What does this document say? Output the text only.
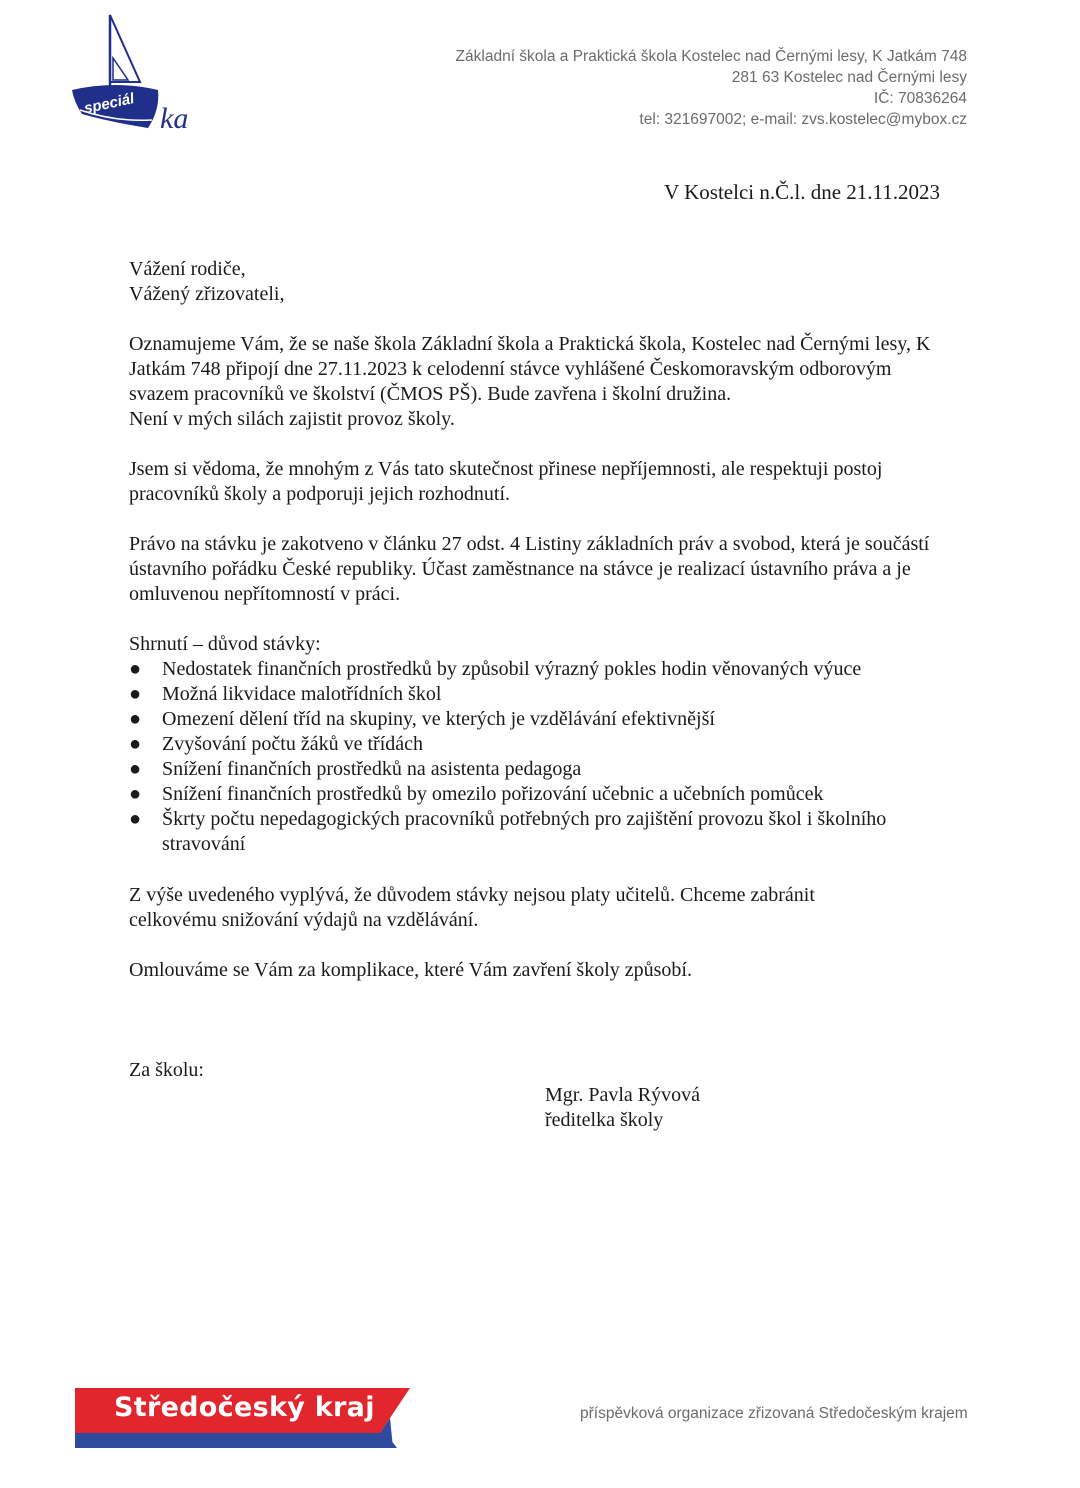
speciál ka
Základní škola a Praktická škola Kostelec nad Černými lesy, K Jatkám 748
281 63 Kostelec nad Černými lesy
IČ: 70836264
tel: 321697002; e-mail: zvs.kostelec@mybox.cz
V Kostelci n.Č.l. dne 21.11.2023

Vážení rodiče,

Vážený zřizovateli,

Oznamujeme Vám, že se naše škola Základní škola a Praktická škola, Kostelec nad Černými lesy, K Jatkám 748 připojí dne 27.11.2023 k celodenní stávce vyhlášené Českomoravským odborovým svazem pracovníků ve školství (ČMOS PŠ). Bude zavřena i školní družina.

Není v mých silách zajistit provoz školy.

Jsem si vědoma, že mnohým z Vás tato skutečnost přinese nepříjemnosti, ale respektuji postoj pracovníků školy a podporuji jejich rozhodnutí.

Právo na stávku je zakotveno v článku 27 odst. 4 Listiny základních práv a svobod, která je součástí ústavního pořádku České republiky. Účast zaměstnance na stávce je realizací ústavního práva a je omluvenou nepřítomností v práci.

Shrnutí – důvod stávky:

● Nedostatek finančních prostředků by způsobil výrazný pokles hodin věnovaných výuce
● Možná likvidace malotřídních škol
● Omezení dělení tříd na skupiny, ve kterých je vzdělávání efektivnější
● Zvyšování počtu žáků ve třídách
● Snížení finančních prostředků na asistenta pedagoga
● Snížení finančních prostředků by omezilo pořizování učebnic a učebních pomůcek
● Škrty počtu nepedagogických pracovníků potřebných pro zajištění provozu škol i školního stravování

Z výše uvedeného vyplývá, že důvodem stávky nejsou platy učitelů. Chceme zabránit celkovému snižování výdajů na vzdělávání.

Omlouváme se Vám za komplikace, které Vám zavření školy způsobí.

Za školu:

Mgr. Pavla Rývová
ředitelka školy
Středočeský kraj	příspěvková organizace zřizovaná Středočeským krajem
